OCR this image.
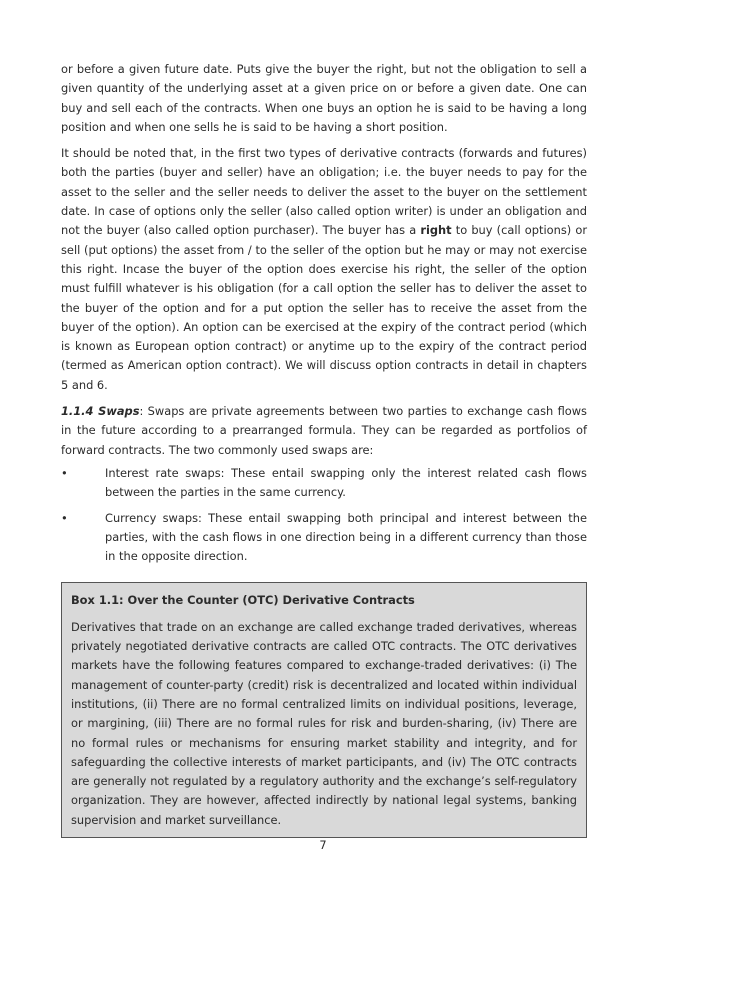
or before a given future date. Puts give the buyer the right, but not the obligation to sell a given quantity of the underlying asset at a given price on or before a given date. One can buy and sell each of the contracts. When one buys an option he is said to be having a long position and when one sells he is said to be having a short position.

It should be noted that, in the first two types of derivative contracts (forwards and futures) both the parties (buyer and seller) have an obligation; i.e. the buyer needs to pay for the asset to the seller and the seller needs to deliver the asset to the buyer on the settlement date. In case of options only the seller (also called option writer) is under an obligation and not the buyer (also called option purchaser). The buyer has a right to buy (call options) or sell (put options) the asset from / to the seller of the option but he may or may not exercise this right. Incase the buyer of the option does exercise his right, the seller of the option must fulfill whatever is his obligation (for a call option the seller has to deliver the asset to the buyer of the option and for a put option the seller has to receive the asset from the buyer of the option). An option can be exercised at the expiry of the contract period (which is known as European option contract) or anytime up to the expiry of the contract period (termed as American option contract). We will discuss option contracts in detail in chapters 5 and 6.

1.1.4 Swaps: Swaps are private agreements between two parties to exchange cash flows in the future according to a prearranged formula. They can be regarded as portfolios of forward contracts. The two commonly used swaps are:

•	Interest rate swaps: These entail swapping only the interest related cash flows between the parties in the same currency.

•	Currency swaps: These entail swapping both principal and interest between the parties, with the cash flows in one direction being in a different currency than those in the opposite direction.

Box 1.1: Over the Counter (OTC) Derivative Contracts

Derivatives that trade on an exchange are called exchange traded derivatives, whereas privately negotiated derivative contracts are called OTC contracts. The OTC derivatives markets have the following features compared to exchange-traded derivatives: (i) The management of counter-party (credit) risk is decentralized and located within individual institutions, (ii) There are no formal centralized limits on individual positions, leverage, or margining, (iii) There are no formal rules for risk and burden-sharing, (iv) There are no formal rules or mechanisms for ensuring market stability and integrity, and for safeguarding the collective interests of market participants, and (iv) The OTC contracts are generally not regulated by a regulatory authority and the exchange’s self-regulatory organization. They are however, affected indirectly by national legal systems, banking supervision and market surveillance.

7
